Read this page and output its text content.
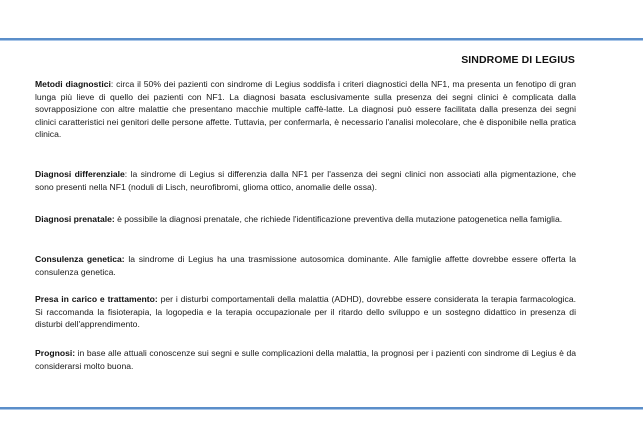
SINDROME DI LEGIUS

Metodi diagnostici: circa il 50% dei pazienti con sindrome di Legius soddisfa i criteri diagnostici della NF1, ma presenta un fenotipo di gran lunga più lieve di quello dei pazienti con NF1. La diagnosi basata esclusivamente sulla presenza dei segni clinici è complicata dalla sovrapposizione con altre malattie che presentano macchie multiple caffè-latte. La diagnosi può essere facilitata dalla presenza dei segni clinici caratteristici nei genitori delle persone affette. Tuttavia, per confermarla, è necessario l'analisi molecolare, che è disponibile nella pratica clinica.

Diagnosi differenziale: la sindrome di Legius si differenzia dalla NF1 per l'assenza dei segni clinici non associati alla pigmentazione, che sono presenti nella NF1 (noduli di Lisch, neurofibromi, glioma ottico, anomalie delle ossa).

Diagnosi prenatale: è possibile la diagnosi prenatale, che richiede l'identificazione preventiva della mutazione patogenetica nella famiglia.

Consulenza genetica: la sindrome di Legius ha una trasmissione autosomica dominante. Alle famiglie affette dovrebbe essere offerta la consulenza genetica.

Presa in carico e trattamento: per i disturbi comportamentali della malattia (ADHD), dovrebbe essere considerata la terapia farmacologica. Si raccomanda la fisioterapia, la logopedia e la terapia occupazionale per il ritardo dello sviluppo e un sostegno didattico in presenza di disturbi dell'apprendimento.

Prognosi: in base alle attuali conoscenze sui segni e sulle complicazioni della malattia, la prognosi per i pazienti con sindrome di Legius è da considerarsi molto buona.
